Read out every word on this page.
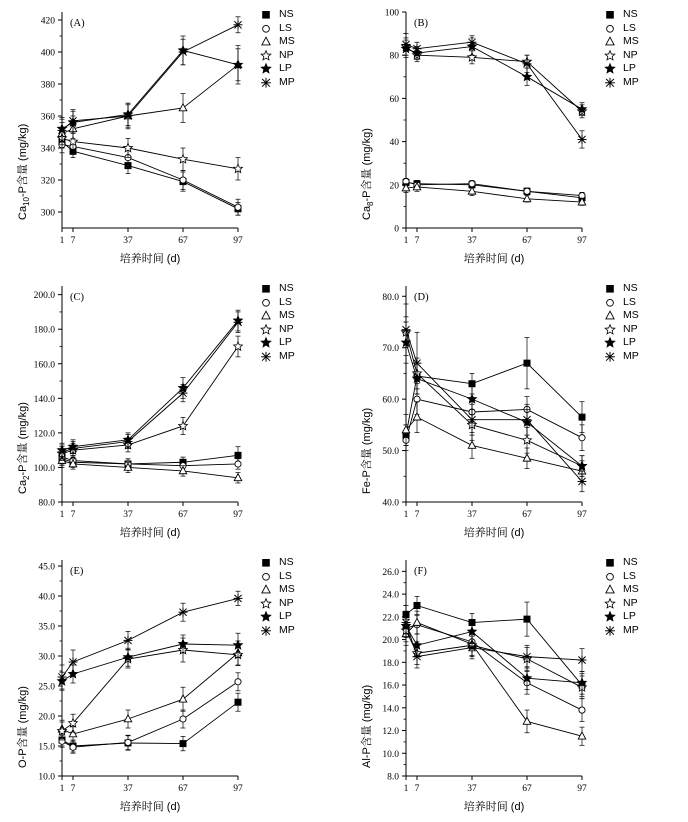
300
320
340
360
380
400
420
1 7	37	67	97
(A)
培养时间 (d)
$Ca_{10}-P$含量 (mg/kg)
NS
LS
MS
NP
LP
MP
0
20
40
60
80
100
1 7	37	67	97
(B)
培养时间 (d)
$Ca_8-P$含量 (mg/kg)
NS
LS
MS
NP
LP
MP
80.0
100.0
120.0
140.0
160.0
180.0
200.0
1 7	37	67	97
(C)
培养时间 (d)
$Ca_2-P$含量 (mg/kg)
NS
LS
MS
NP
LP
MP
40.0
50.0
60.0
70.0
80.0
1 7	37	67	97
(D)
培养时间 (d)
Fe-P含量 (mg/kg)
NS
LS
MS
NP
LP
MP
10.0
15.0
20.0
25.0
30.0
35.0
40.0
45.0
1 7	37	67	97
(E)
培养时间 (d)
O-P含量 (mg/kg)
NS
LS
MS
NP
LP
MP
8.0
10.0
12.0
14.0
16.0
18.0
20.0
22.0
24.0
26.0
1 7	37	67	97
(F)
培养时间 (d)
Al-P含量 (mg/kg)
NS
LS
MS
NP
LP
MP
